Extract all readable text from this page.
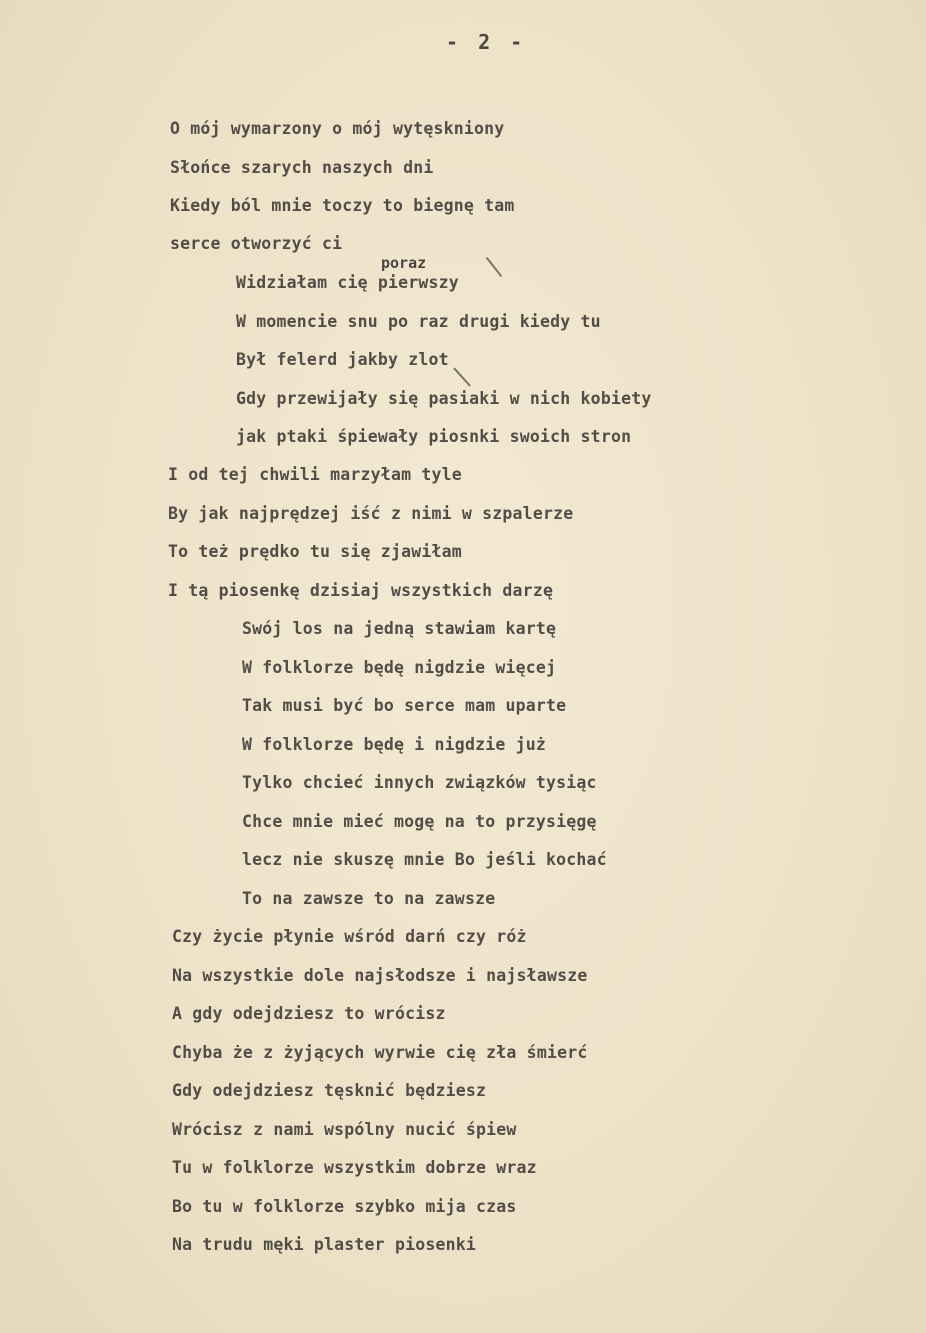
- 2 -
poraz
O mój wymarzony o mój wytęskniony
Słońce szarych naszych dni
Kiedy ból mnie toczy to biegnę tam
serce otworzyć ci
Widziałam cię pierwszy
W momencie snu po raz drugi kiedy tu
Był felerd jakby zlot
Gdy przewijały się pasiaki w nich kobiety
jak ptaki śpiewały piosnki swoich stron
I od tej chwili marzyłam tyle
By jak najprędzej iść z nimi w szpalerze
To też prędko tu się zjawiłam
I tą piosenkę dzisiaj wszystkich darzę
Swój los na jedną stawiam kartę
W folklorze będę nigdzie więcej
Tak musi być bo serce mam uparte
W folklorze będę i nigdzie już
Tylko chcieć innych związków tysiąc
Chce mnie mieć mogę na to przysięgę
lecz nie skuszę mnie Bo jeśli kochać
To na zawsze to na zawsze
Czy życie płynie wśród darń czy róż
Na wszystkie dole najsłodsze i najsławsze
A gdy odejdziesz to wrócisz
Chyba że z żyjących wyrwie cię zła śmierć
Gdy odejdziesz tęsknić będziesz
Wrócisz z nami wspólny nucić śpiew
Tu w folklorze wszystkim dobrze wraz
Bo tu w folklorze szybko mija czas
Na trudu męki plaster piosenki
